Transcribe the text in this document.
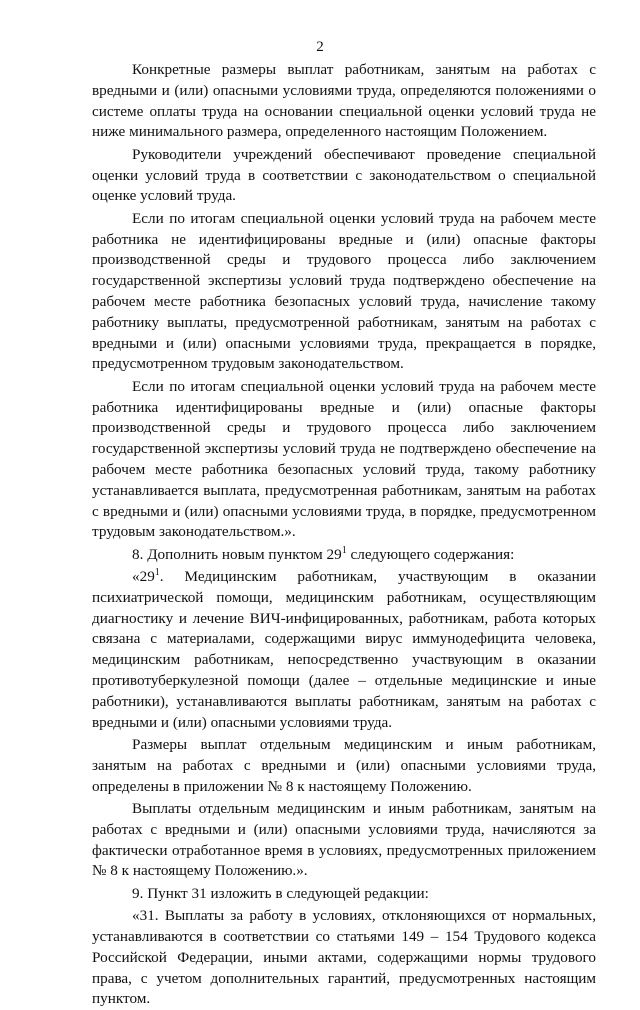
2

Конкретные размеры выплат работникам, занятым на работах с вредными и (или) опасными условиями труда, определяются положениями о системе оплаты труда на основании специальной оценки условий труда не ниже минимального размера, определенного настоящим Положением.

Руководители учреждений обеспечивают проведение специальной оценки условий труда в соответствии с законодательством о специальной оценке условий труда.

Если по итогам специальной оценки условий труда на рабочем месте работника не идентифицированы вредные и (или) опасные факторы производственной среды и трудового процесса либо заключением государственной экспертизы условий труда подтверждено обеспечение на рабочем месте работника безопасных условий труда, начисление такому работнику выплаты, предусмотренной работникам, занятым на работах с вредными и (или) опасными условиями труда, прекращается в порядке, предусмотренном трудовым законодательством.

Если по итогам специальной оценки условий труда на рабочем месте работника идентифицированы вредные и (или) опасные факторы производственной среды и трудового процесса либо заключением государственной экспертизы условий труда не подтверждено обеспечение на рабочем месте работника безопасных условий труда, такому работнику устанавливается выплата, предусмотренная работникам, занятым на работах с вредными и (или) опасными условиями труда, в порядке, предусмотренном трудовым законодательством.».

8. Дополнить новым пунктом $29^1$ следующего содержания:

«$29^1$. Медицинским работникам, участвующим в оказании психиатрической помощи, медицинским работникам, осуществляющим диагностику и лечение ВИЧ-инфицированных, работникам, работа которых связана с материалами, содержащими вирус иммунодефицита человека, медицинским работникам, непосредственно участвующим в оказании противотуберкулезной помощи (далее – отдельные медицинские и иные работники), устанавливаются выплаты работникам, занятым на работах с вредными и (или) опасными условиями труда.

Размеры выплат отдельным медицинским и иным работникам, занятым на работах с вредными и (или) опасными условиями труда, определены в приложении № 8 к настоящему Положению.

Выплаты отдельным медицинским и иным работникам, занятым на работах с вредными и (или) опасными условиями труда, начисляются за фактически отработанное время в условиях, предусмотренных приложением № 8 к настоящему Положению.».

9. Пункт 31 изложить в следующей редакции:

«31. Выплаты за работу в условиях, отклоняющихся от нормальных, устанавливаются в соответствии со статьями 149 – 154 Трудового кодекса Российской Федерации, иными актами, содержащими нормы трудового права, с учетом дополнительных гарантий, предусмотренных настоящим пунктом.
